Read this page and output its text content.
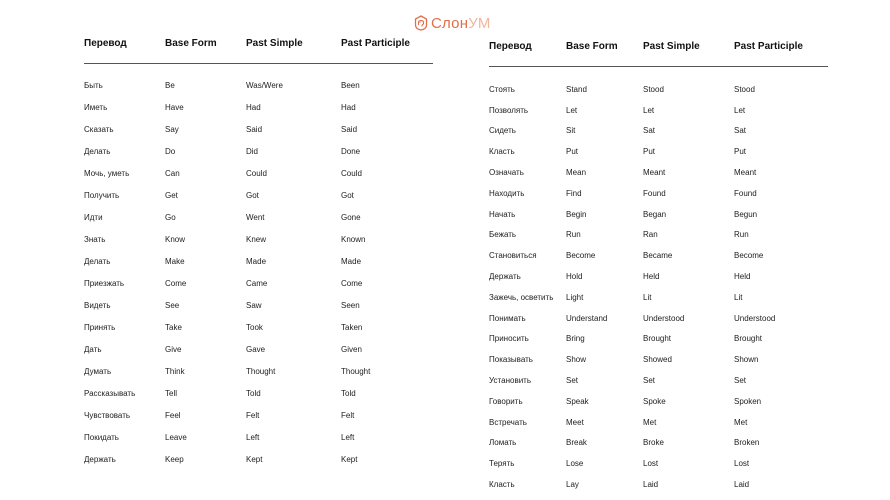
СлонУМ
Перевод	Base Form	Past Simple	Past Participle
Быть	Be	Was/Were	Been
Иметь	Have	Had	Had
Сказать	Say	Said	Said
Делать	Do	Did	Done
Мочь, уметь	Can	Could	Could
Получить	Get	Got	Got
Идти	Go	Went	Gone
Знать	Know	Knew	Known
Делать	Make	Made	Made
Приезжать	Come	Came	Come
Видеть	See	Saw	Seen
Принять	Take	Took	Taken
Дать	Give	Gave	Given
Думать	Think	Thought	Thought
Рассказывать	Tell	Told	Told
Чувствовать	Feel	Felt	Felt
Покидать	Leave	Left	Left
Держать	Keep	Kept	Kept
Перевод	Base Form	Past Simple	Past Participle
Стоять	Stand	Stood	Stood
Позволять	Let	Let	Let
Сидеть	Sit	Sat	Sat
Класть	Put	Put	Put
Означать	Mean	Meant	Meant
Находить	Find	Found	Found
Начать	Begin	Began	Begun
Бежать	Run	Ran	Run
Становиться	Become	Became	Become
Держать	Hold	Held	Held
Зажечь, осветить	Light	Lit	Lit
Понимать	Understand	Understood	Understood
Приносить	Bring	Brought	Brought
Показывать	Show	Showed	Shown
Установить	Set	Set	Set
Говорить	Speak	Spoke	Spoken
Встречать	Meet	Met	Met
Ломать	Break	Broke	Broken
Терять	Lose	Lost	Lost
Класть	Lay	Laid	Laid
